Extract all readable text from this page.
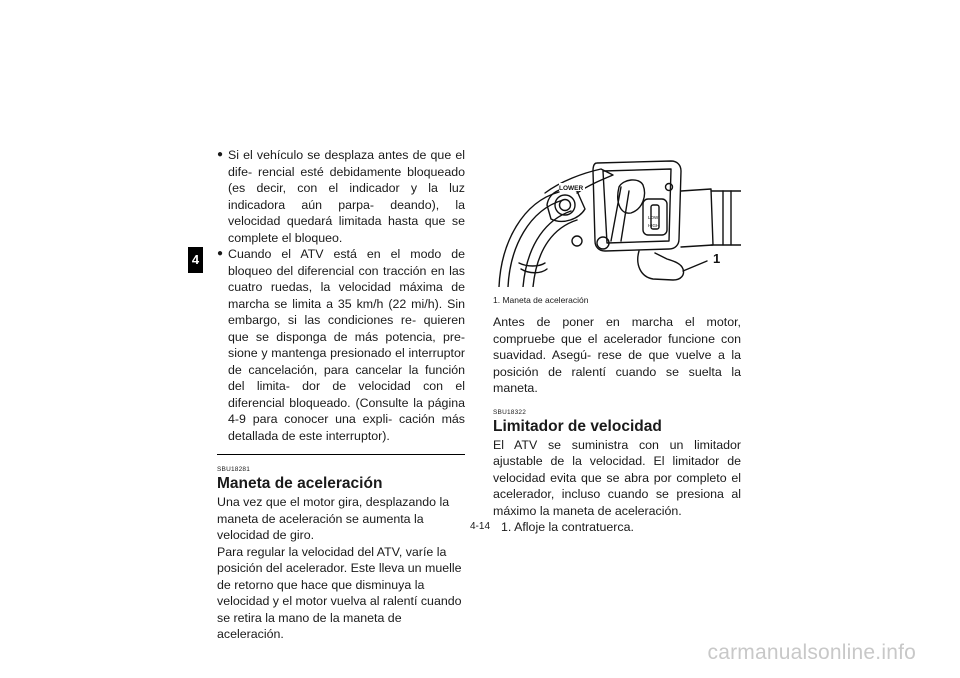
4
● Si el vehículo se desplaza antes de que el dife- rencial esté debidamente bloqueado (es decir, con el indicador y la luz indicadora aún parpa- deando), la velocidad quedará limitada hasta que se complete el bloqueo.
● Cuando el ATV está en el modo de bloqueo del diferencial con tracción en las cuatro ruedas, la velocidad máxima de marcha se limita a 35 km/h (22 mi/h). Sin embargo, si las condiciones re- quieren que se disponga de más potencia, pre- sione y mantenga presionado el interruptor de cancelación, para cancelar la función del limita- dor de velocidad con el diferencial bloqueado. (Consulte la página 4-9 para conocer una expli- cación más detallada de este interruptor).

SBU18281

Maneta de aceleración

Una vez que el motor gira, desplazando la maneta de aceleración se aumenta la velocidad de giro.

Para regular la velocidad del ATV, varíe la posición del acelerador. Este lleva un muelle de retorno que hace que disminuya la velocidad y el motor vuelva al ralentí cuando se retira la mano de la maneta de aceleración.

LOWER
LOW
HIGH
1

1. Maneta de aceleración

Antes de poner en marcha el motor, compruebe que el acelerador funcione con suavidad. Asegú- rese de que vuelve a la posición de ralentí cuando se suelta la maneta.

SBU18322

Limitador de velocidad

El ATV se suministra con un limitador ajustable de la velocidad. El limitador de velocidad evita que se abra por completo el acelerador, incluso cuando se presiona al máximo la maneta de aceleración.

1. Afloje la contratuerca.

4-14
carmanualsonline.info
